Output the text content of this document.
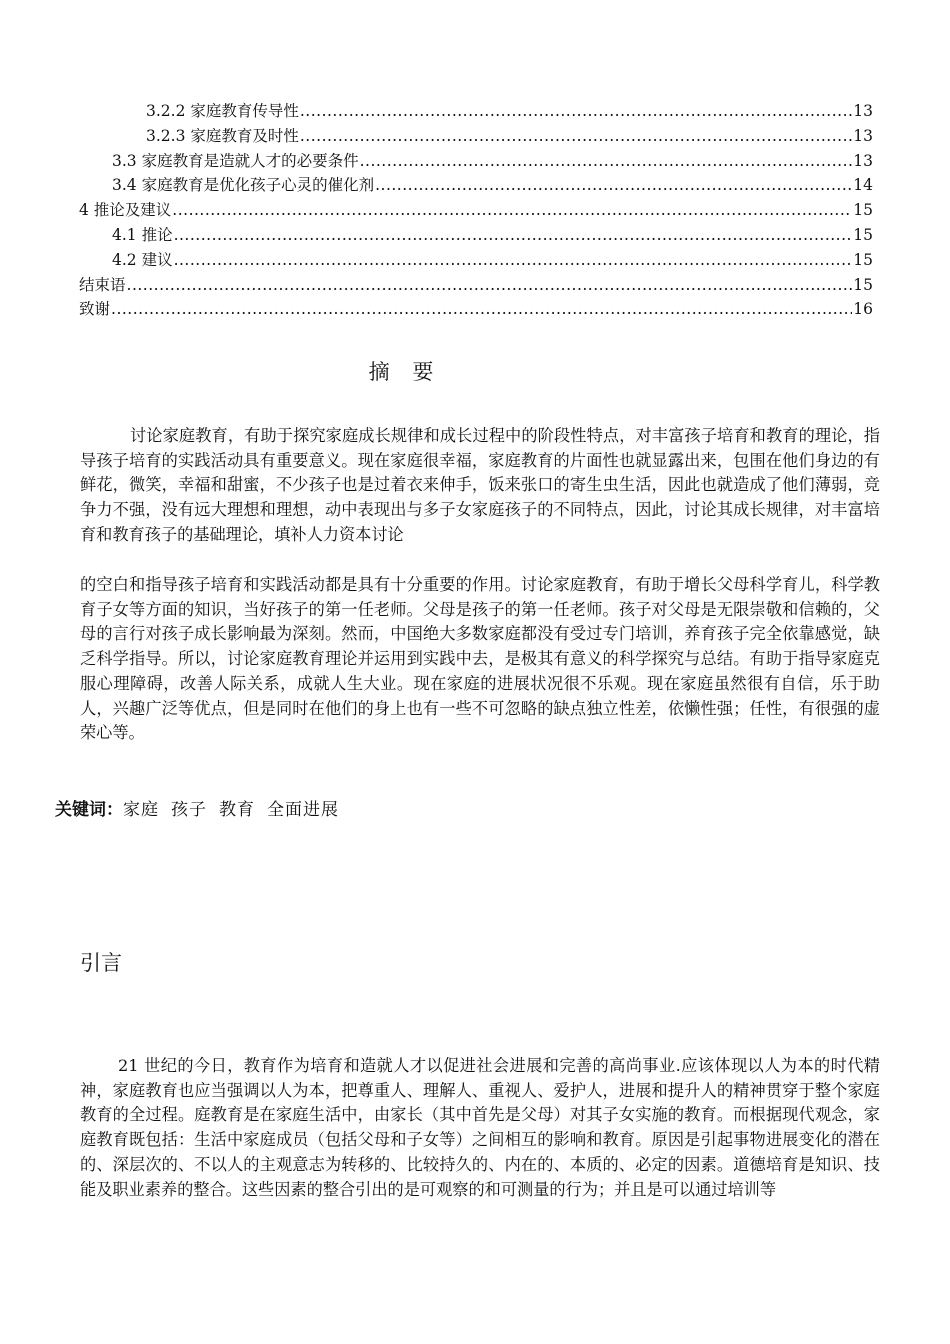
3.2.2 家庭教育传导性 .....	13
3.2.3 家庭教育及时性 .....	13
3.3 家庭教育是造就人才的必要条件 .....	13
3.4 家庭教育是优化孩子心灵的催化剂 .....	14
4 推论及建议 .....	15
4.1 推论 .....	15
4.2 建议 .....	15
结束语 .....	15
致谢 .....	16
摘 要

讨论家庭教育，有助于探究家庭成长规律和成长过程中的阶段性特点，对丰富孩子培育和教育的理论，指导孩子培育的实践活动具有重要意义。现在家庭很幸福，家庭教育的片面性也就显露出来，包围在他们身边的有鲜花，微笑，幸福和甜蜜，不少孩子也是过着衣来伸手，饭来张口的寄生虫生活，因此也就造成了他们薄弱，竞争力不强，没有远大理想和理想，动中表现出与多子女家庭孩子的不同特点，因此，讨论其成长规律，对丰富培育和教育孩子的基础理论，填补人力资本讨论

的空白和指导孩子培育和实践活动都是具有十分重要的作用。讨论家庭教育，有助于增长父母科学育儿，科学教育子女等方面的知识，当好孩子的第一任老师。父母是孩子的第一任老师。孩子对父母是无限崇敬和信赖的，父母的言行对孩子成长影响最为深刻。然而，中国绝大多数家庭都没有受过专门培训，养育孩子完全依靠感觉，缺乏科学指导。所以，讨论家庭教育理论并运用到实践中去，是极其有意义的科学探究与总结。有助于指导家庭克服心理障碍，改善人际关系，成就人生大业。现在家庭的进展状况很不乐观。现在家庭虽然很有自信，乐于助人，兴趣广泛等优点，但是同时在他们的身上也有一些不可忽略的缺点独立性差，依懒性强；任性，有很强的虚荣心等。

关键词：家庭 孩子 教育 全面进展
引言

21 世纪的今日，教育作为培育和造就人才以促进社会进展和完善的高尚事业.应该体现以人为本的时代精神，家庭教育也应当强调以人为本，把尊重人、理解人、重视人、爱护人，进展和提升人的精神贯穿于整个家庭教育的全过程。庭教育是在家庭生活中，由家长（其中首先是父母）对其子女实施的教育。而根据现代观念，家庭教育既包括：生活中家庭成员（包括父母和子女等）之间相互的影响和教育。原因是引起事物进展变化的潜在的、深层次的、不以人的主观意志为转移的、比较持久的、内在的、本质的、必定的因素。道德培育是知识、技能及职业素养的整合。这些因素的整合引出的是可观察的和可测量的行为；并且是可以通过培训等
